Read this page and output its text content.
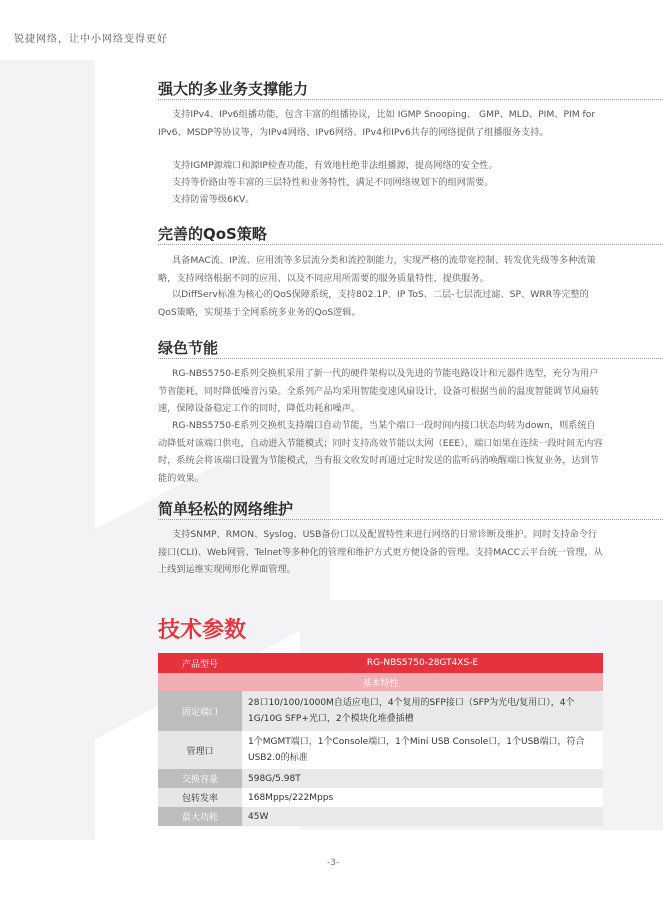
锐捷网络，让中小网络变得更好
强大的多业务支撑能力

支持IPv4、IPv6组播功能，包含丰富的组播协议，比如 IGMP Snooping、 GMP、MLD、PIM、PIM for IPv6、MSDP等协议等，为IPv4网络、IPv6网络、IPv4和IPv6共存的网络提供了组播服务支持。

支持IGMP源端口和源IP检查功能，有效地杜绝非法组播源，提高网络的安全性。

支持等价路由等丰富的三层特性和业务特性，满足不同网络规划下的组网需要。

支持防雷等级6KV。

完善的QoS策略

具备MAC流、IP流、应用流等多层流分类和流控制能力，实现严格的流带宽控制、转发优先级等多种流策略，支持网络根据不同的应用、以及不同应用所需要的服务质量特性，提供服务。

以DiffServ标准为核心的QoS保障系统，支持802.1P、IP ToS、二层-七层流过滤、SP、WRR等完整的QoS策略，实现基于全网系统多业务的QoS逻辑。

绿色节能

RG-NBS5750-E系列交换机采用了新一代的硬件架构以及先进的节能电路设计和元器件选型，充分为用户节省能耗，同时降低噪音污染。全系列产品均采用智能变速风扇设计，设备可根据当前的温度智能调节风扇转速，保障设备稳定工作的同时，降低功耗和噪声。

RG-NBS5750-E系列交换机支持端口自动节能，当某个端口一段时间内接口状态均转为down，则系统自动降低对该端口供电，自动进入节能模式；同时支持高效节能以太网（EEE），端口如果在连续一段时间无内容时，系统会将该端口设置为节能模式，当有报文收发时再通过定时发送的监听码消唤醒端口恢复业务，达到节能的效果。

简单轻松的网络维护

支持SNMP、RMON、Syslog、USB备份口以及配置特性来进行网络的日常诊断及维护。同时支持命令行接口(CLI)、Web网管、Telnet等多种化的管理和维护方式更方便设备的管理。支持MACC云平台统一管理，从上线到运维实现网形化界面管理。

技术参数
产品型号	RG-NBS5750-28GT4XS-E
基本特性	
固定端口	28口10/100/1000M自适应电口，4个复用的SFP接口（SFP为光电/复用口），4个1G/10G SFP+光口，2个模块化堆叠插槽
管理口	1个MGMT端口，1个Console端口，1个Mini USB Console口，1个USB端口，符合USB2.0的标准
交换容量	598G/5.98T
包转发率	168Mpps/222Mpps
最大功耗	45W
-3-
